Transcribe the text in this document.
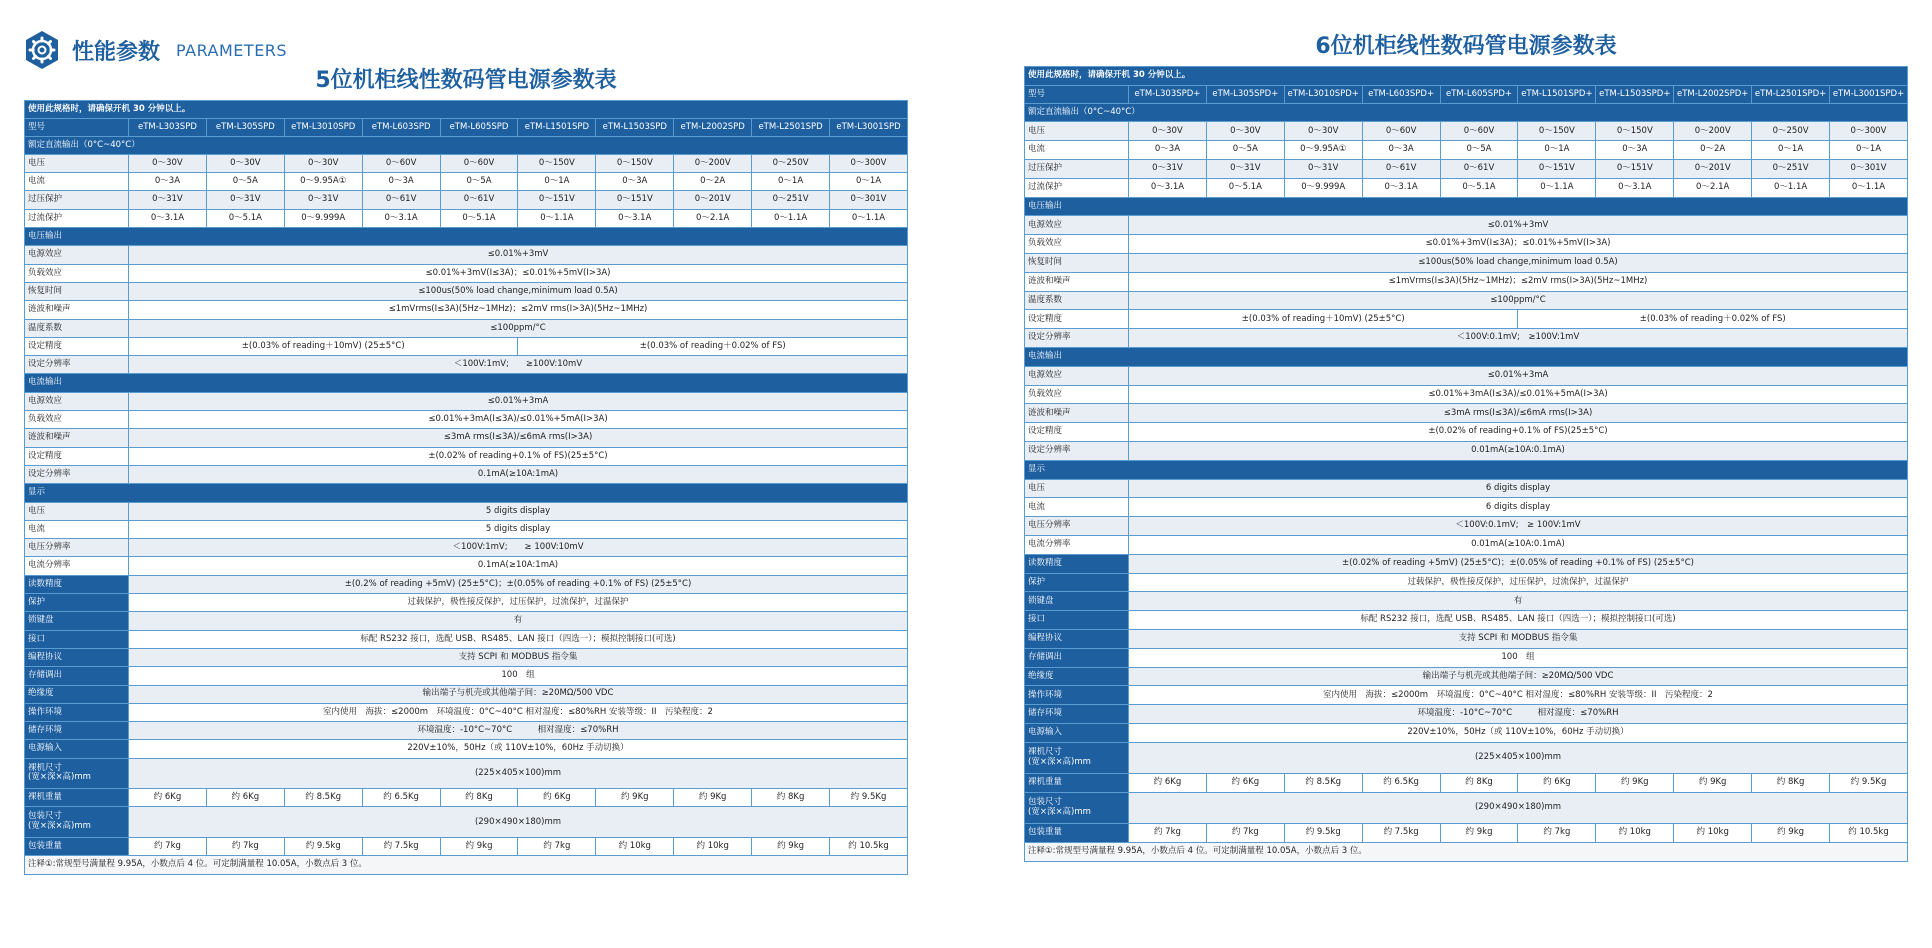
性能参数 PARAMETERS
5位机柜线性数码管电源参数表
使用此规格时，请确保开机 30 分钟以上。										
型号	eTM-L303SPD	eTM-L305SPD	eTM-L3010SPD	eTM-L603SPD	eTM-L605SPD	eTM-L1501SPD	eTM-L1503SPD	eTM-L2002SPD	eTM-L2501SPD	eTM-L3001SPD
额定直流输出（0°C~40°C）										
电压	0～30V	0～30V	0～30V	0～60V	0～60V	0～150V	0～150V	0～200V	0～250V	0～300V
电流	0～3A	0～5A	0～9.95A①	0～3A	0～5A	0～1A	0～3A	0～2A	0～1A	0～1A
过压保护	0～31V	0～31V	0～31V	0～61V	0～61V	0～151V	0～151V	0～201V	0～251V	0～301V
过流保护	0～3.1A	0～5.1A	0～9.999A	0～3.1A	0～5.1A	0～1.1A	0～3.1A	0～2.1A	0～1.1A	0～1.1A
电压输出										
电源效应	≤0.01%+3mV									
负载效应	≤0.01%+3mV(I≤3A)；≤0.01%+5mV(I>3A)									
恢复时间	≤100us(50% load change,minimum load 0.5A)									
涟波和噪声	≤1mVrms(I≤3A)(5Hz~1MHz)；≤2mV rms(I>3A)(5Hz~1MHz)									
温度系数	≤100ppm/°C									
设定精度	±(0.03% of reading＋10mV) (25±5°C)					±(0.03% of reading＋0.02% of FS)				
设定分辨率	＜100V:1mV;　　≥100V:10mV									
电流输出										
电源效应	≤0.01%+3mA									
负载效应	≤0.01%+3mA(I≤3A)/≤0.01%+5mA(I>3A)									
涟波和噪声	≤3mA rms(I≤3A)/≤6mA rms(I>3A)									
设定精度	±(0.02% of reading+0.1% of FS)(25±5°C)									
设定分辨率	0.1mA(≥10A:1mA)									
显示										
电压	5 digits display									
电流	5 digits display									
电压分辨率	＜100V:1mV;　　≥ 100V:10mV									
电流分辨率	0.1mA(≥10A:1mA)									
读数精度	±(0.2% of reading +5mV) (25±5°C)；±(0.05% of reading +0.1% of FS) (25±5°C)									
保护	过载保护，极性接反保护，过压保护，过流保护，过温保护									
锁键盘	有									
接口	标配 RS232 接口，选配 USB、RS485、LAN 接口（四选一）；模拟控制接口(可选)									
编程协议	支持 SCPI 和 MODBUS 指令集									
存储调出	100　组									
绝缘度	输出端子与机壳或其他端子间：≥20MΩ/500 VDC									
操作环境	室内使用　海拔：≤2000m　环境温度：0°C~40°C 相对湿度：≤80%RH 安装等级：II　污染程度：2									
储存环境	环境温度：-10°C~70°C　　　相对湿度：≤70%RH									
电源输入	220V±10%，50Hz（或 110V±10%，60Hz 手动切换）									
裸机尺寸
(宽×深×高)mm	(225×405×100)mm									
裸机重量	约 6Kg	约 6Kg	约 8.5Kg	约 6.5Kg	约 8Kg	约 6Kg	约 9Kg	约 9Kg	约 8Kg	约 9.5Kg
包装尺寸
(宽×深×高)mm	(290×490×180)mm									
包装重量	约 7kg	约 7kg	约 9.5kg	约 7.5kg	约 9kg	约 7kg	约 10kg	约 10kg	约 9kg	约 10.5kg
注释①:常规型号满量程 9.95A，小数点后 4 位。可定制满量程 10.05A，小数点后 3 位。										
6位机柜线性数码管电源参数表
使用此规格时，请确保开机 30 分钟以上。										
型号	eTM-L303SPD+	eTM-L305SPD+	eTM-L3010SPD+	eTM-L603SPD+	eTM-L605SPD+	eTM-L1501SPD+	eTM-L1503SPD+	eTM-L2002SPD+	eTM-L2501SPD+	eTM-L3001SPD+
额定直流输出（0°C~40°C）										
电压	0～30V	0～30V	0～30V	0～60V	0～60V	0～150V	0～150V	0～200V	0～250V	0～300V
电流	0～3A	0～5A	0～9.95A①	0～3A	0～5A	0～1A	0～3A	0～2A	0～1A	0～1A
过压保护	0～31V	0～31V	0～31V	0～61V	0～61V	0～151V	0～151V	0～201V	0～251V	0～301V
过流保护	0～3.1A	0～5.1A	0～9.999A	0～3.1A	0～5.1A	0～1.1A	0～3.1A	0～2.1A	0～1.1A	0～1.1A
电压输出										
电源效应	≤0.01%+3mV									
负载效应	≤0.01%+3mV(I≤3A)；≤0.01%+5mV(I>3A)									
恢复时间	≤100us(50% load change,minimum load 0.5A)									
涟波和噪声	≤1mVrms(I≤3A)(5Hz~1MHz)；≤2mV rms(I>3A)(5Hz~1MHz)									
温度系数	≤100ppm/°C									
设定精度	±(0.03% of reading＋10mV) (25±5°C)					±(0.03% of reading＋0.02% of FS)				
设定分辨率	＜100V:0.1mV;　≥100V:1mV									
电流输出										
电源效应	≤0.01%+3mA									
负载效应	≤0.01%+3mA(I≤3A)/≤0.01%+5mA(I>3A)									
涟波和噪声	≤3mA rms(I≤3A)/≤6mA rms(I>3A)									
设定精度	±(0.02% of reading+0.1% of FS)(25±5°C)									
设定分辨率	0.01mA(≥10A:0.1mA)									
显示										
电压	6 digits display									
电流	6 digits display									
电压分辨率	＜100V:0.1mV;　≥ 100V:1mV									
电流分辨率	0.01mA(≥10A:0.1mA)									
读数精度	±(0.02% of reading +5mV) (25±5°C)；±(0.05% of reading +0.1% of FS) (25±5°C)									
保护	过载保护，极性接反保护，过压保护，过流保护，过温保护									
锁键盘	有									
接口	标配 RS232 接口，选配 USB、RS485、LAN 接口（四选一）；模拟控制接口(可选)									
编程协议	支持 SCPI 和 MODBUS 指令集									
存储调出	100　组									
绝缘度	输出端子与机壳或其他端子间：≥20MΩ/500 VDC									
操作环境	室内使用　海拔：≤2000m　环境温度：0°C~40°C 相对湿度：≤80%RH 安装等级：II　污染程度：2									
储存环境	环境温度：-10°C~70°C　　　相对湿度：≤70%RH									
电源输入	220V±10%，50Hz（或 110V±10%，60Hz 手动切换）									
裸机尺寸
(宽×深×高)mm	(225×405×100)mm									
裸机重量	约 6Kg	约 6Kg	约 8.5Kg	约 6.5Kg	约 8Kg	约 6Kg	约 9Kg	约 9Kg	约 8Kg	约 9.5Kg
包装尺寸
(宽×深×高)mm	(290×490×180)mm									
包装重量	约 7kg	约 7kg	约 9.5kg	约 7.5kg	约 9kg	约 7kg	约 10kg	约 10kg	约 9kg	约 10.5kg
注释①:常规型号满量程 9.95A，小数点后 4 位。可定制满量程 10.05A，小数点后 3 位。										
